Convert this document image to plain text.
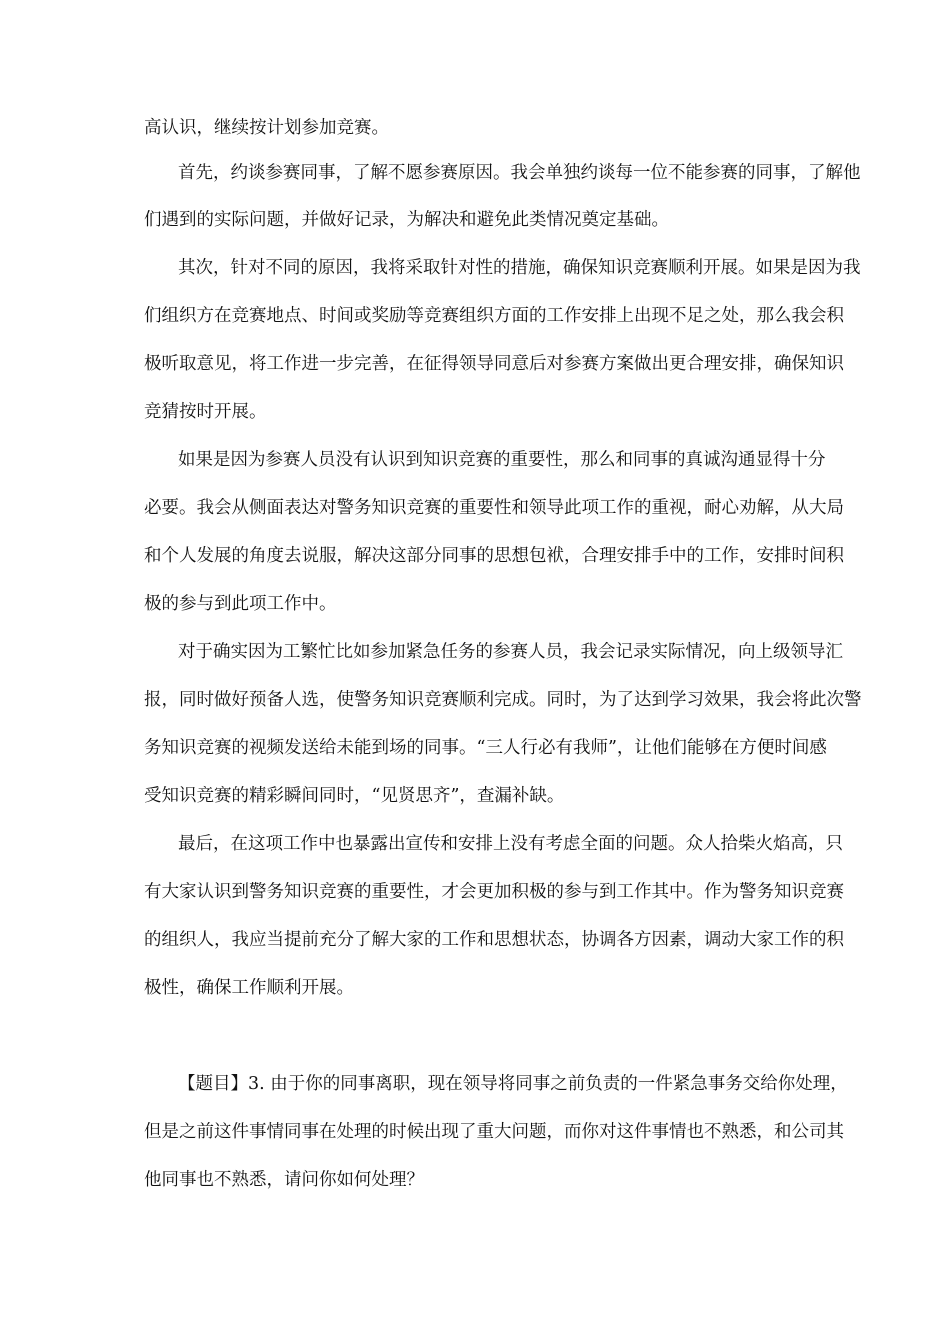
高认识，继续按计划参加竞赛。
首先，约谈参赛同事，了解不愿参赛原因。我会单独约谈每一位不能参赛的同事，了解他
们遇到的实际问题，并做好记录，为解决和避免此类情况奠定基础。
其次，针对不同的原因，我将采取针对性的措施，确保知识竞赛顺利开展。如果是因为我
们组织方在竞赛地点、时间或奖励等竞赛组织方面的工作安排上出现不足之处，那么我会积
极听取意见，将工作进一步完善，在征得领导同意后对参赛方案做出更合理安排，确保知识
竞猜按时开展。
如果是因为参赛人员没有认识到知识竞赛的重要性，那么和同事的真诚沟通显得十分
必要。我会从侧面表达对警务知识竞赛的重要性和领导此项工作的重视，耐心劝解，从大局
和个人发展的角度去说服，解决这部分同事的思想包袱，合理安排手中的工作，安排时间积
极的参与到此项工作中。
对于确实因为工繁忙比如参加紧急任务的参赛人员，我会记录实际情况，向上级领导汇
报，同时做好预备人选，使警务知识竞赛顺利完成。同时，为了达到学习效果，我会将此次警
务知识竞赛的视频发送给未能到场的同事。“三人行必有我师”，让他们能够在方便时间感
受知识竞赛的精彩瞬间同时，“见贤思齐”，查漏补缺。
最后，在这项工作中也暴露出宣传和安排上没有考虑全面的问题。众人拾柴火焰高，只
有大家认识到警务知识竞赛的重要性，才会更加积极的参与到工作其中。作为警务知识竞赛
的组织人，我应当提前充分了解大家的工作和思想状态，协调各方因素，调动大家工作的积
极性，确保工作顺利开展。
【题目】3. 由于你的同事离职，现在领导将同事之前负责的一件紧急事务交给你处理，
但是之前这件事情同事在处理的时候出现了重大问题，而你对这件事情也不熟悉，和公司其
他同事也不熟悉，请问你如何处理？
